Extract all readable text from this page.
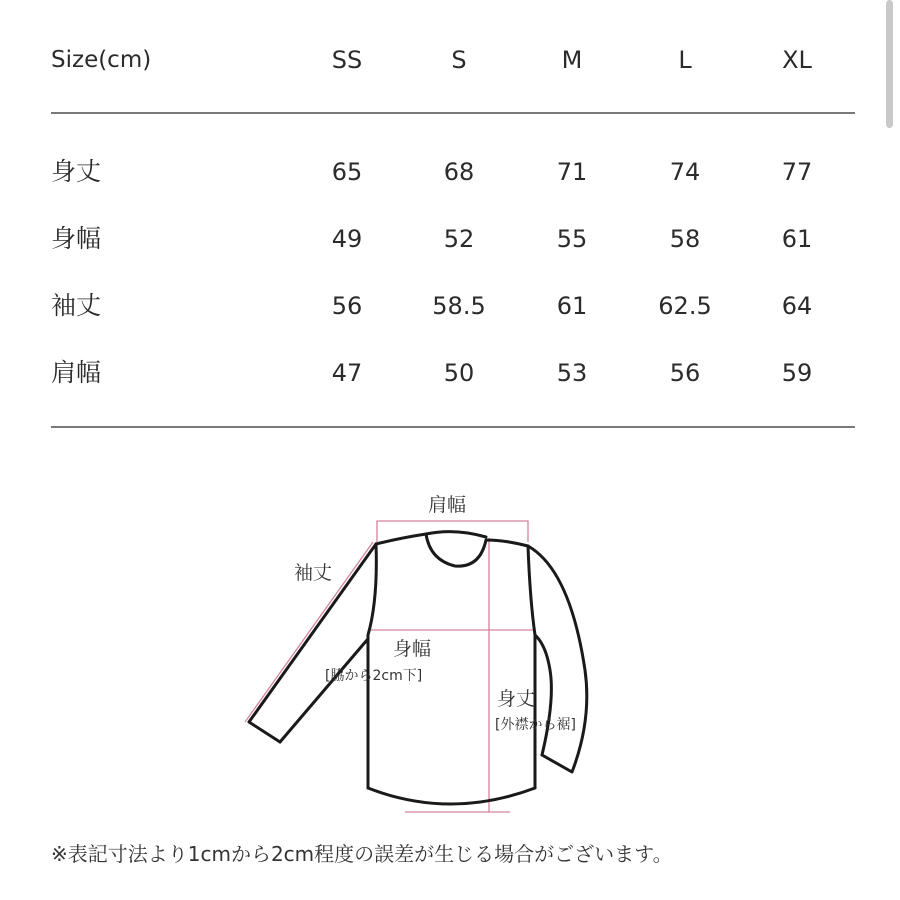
Size(cm)	SS	S	M	L	XL
身丈	65	68	71	74	77
身幅	49	52	55	58	61
袖丈	56	58.5	61	62.5	64
肩幅	47	50	53	56	59
肩幅
袖丈
身幅
[脇から2cm下]
身丈
[外襟から裾]
※表記寸法より1cmから2cm程度の誤差が生じる場合がございます。
